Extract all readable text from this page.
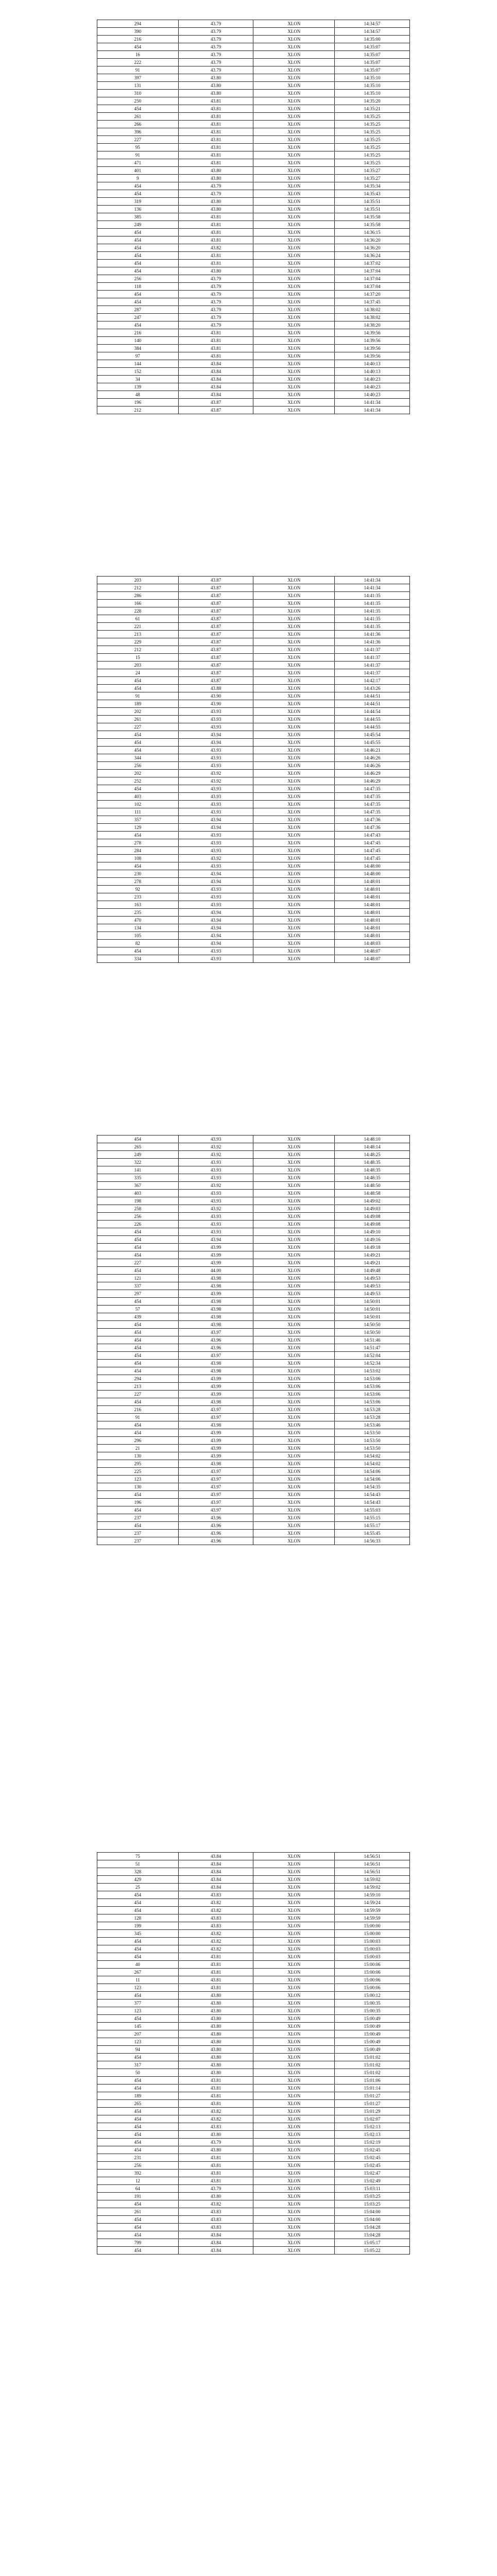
294	43.79	XLON	14:34:57
390	43.79	XLON	14:34:57
216	43.79	XLON	14:35:00
454	43.79	XLON	14:35:07
16	43.79	XLON	14:35:07
222	43.79	XLON	14:35:07
91	43.79	XLON	14:35:07
397	43.80	XLON	14:35:10
131	43.80	XLON	14:35:10
310	43.80	XLON	14:35:10
250	43.81	XLON	14:35:20
454	43.81	XLON	14:35:21
261	43.81	XLON	14:35:25
266	43.81	XLON	14:35:25
396	43.81	XLON	14:35:25
227	43.81	XLON	14:35:25
95	43.81	XLON	14:35:25
91	43.81	XLON	14:35:25
471	43.81	XLON	14:35:25
401	43.80	XLON	14:35:27
9	43.80	XLON	14:35:27
454	43.79	XLON	14:35:34
454	43.79	XLON	14:35:43
319	43.80	XLON	14:35:51
136	43.80	XLON	14:35:51
385	43.81	XLON	14:35:58
249	43.81	XLON	14:35:58
454	43.81	XLON	14:36:15
454	43.81	XLON	14:36:20
454	43.82	XLON	14:36:20
454	43.81	XLON	14:36:24
454	43.81	XLON	14:37:02
454	43.80	XLON	14:37:04
256	43.79	XLON	14:37:04
118	43.79	XLON	14:37:04
454	43.79	XLON	14:37:20
454	43.79	XLON	14:37:45
287	43.79	XLON	14:38:02
247	43.79	XLON	14:38:02
454	43.79	XLON	14:38:20
216	43.81	XLON	14:39:56
140	43.81	XLON	14:39:56
384	43.81	XLON	14:39:56
97	43.81	XLON	14:39:56
144	43.84	XLON	14:40:13
152	43.84	XLON	14:40:13
34	43.84	XLON	14:40:23
139	43.84	XLON	14:40:23
48	43.84	XLON	14:40:23
196	43.87	XLON	14:41:34
212	43.87	XLON	14:41:34
203	43.87	XLON	14:41:34
212	43.87	XLON	14:41:34
286	43.87	XLON	14:41:35
166	43.87	XLON	14:41:35
228	43.87	XLON	14:41:35
61	43.87	XLON	14:41:35
221	43.87	XLON	14:41:35
213	43.87	XLON	14:41:36
229	43.87	XLON	14:41:36
212	43.87	XLON	14:41:37
15	43.87	XLON	14:41:37
203	43.87	XLON	14:41:37
24	43.87	XLON	14:41:37
454	43.87	XLON	14:42:17
454	43.88	XLON	14:43:26
91	43.90	XLON	14:44:51
189	43.90	XLON	14:44:51
202	43.93	XLON	14:44:54
261	43.93	XLON	14:44:55
227	43.93	XLON	14:44:55
454	43.94	XLON	14:45:54
454	43.94	XLON	14:45:55
454	43.93	XLON	14:46:21
344	43.93	XLON	14:46:26
256	43.93	XLON	14:46:26
202	43.92	XLON	14:46:29
252	43.92	XLON	14:46:29
454	43.93	XLON	14:47:35
403	43.93	XLON	14:47:35
102	43.93	XLON	14:47:35
111	43.93	XLON	14:47:35
357	43.94	XLON	14:47:36
129	43.94	XLON	14:47:36
454	43.93	XLON	14:47:43
278	43.93	XLON	14:47:45
284	43.93	XLON	14:47:45
108	43.92	XLON	14:47:45
454	43.93	XLON	14:48:00
230	43.94	XLON	14:48:00
278	43.94	XLON	14:48:01
92	43.93	XLON	14:48:01
233	43.93	XLON	14:48:01
163	43.93	XLON	14:48:01
235	43.94	XLON	14:48:01
470	43.94	XLON	14:48:01
134	43.94	XLON	14:48:01
105	43.94	XLON	14:48:01
82	43.94	XLON	14:48:03
454	43.93	XLON	14:48:07
334	43.93	XLON	14:48:07
454	43.93	XLON	14:48:10
265	43.92	XLON	14:48:14
249	43.92	XLON	14:48:25
322	43.93	XLON	14:48:35
141	43.93	XLON	14:48:35
335	43.93	XLON	14:48:35
367	43.92	XLON	14:48:50
403	43.93	XLON	14:48:58
198	43.93	XLON	14:49:02
258	43.92	XLON	14:49:03
256	43.93	XLON	14:49:08
226	43.93	XLON	14:49:08
454	43.93	XLON	14:49:10
454	43.94	XLON	14:49:16
454	43.99	XLON	14:49:18
454	43.99	XLON	14:49:21
227	43.99	XLON	14:49:21
454	44.00	XLON	14:49:48
121	43.98	XLON	14:49:53
337	43.98	XLON	14:49:53
297	43.99	XLON	14:49:53
454	43.98	XLON	14:50:01
57	43.98	XLON	14:50:01
439	43.98	XLON	14:50:01
454	43.98	XLON	14:50:50
454	43.97	XLON	14:50:50
454	43.96	XLON	14:51:46
454	43.96	XLON	14:51:47
454	43.97	XLON	14:52:04
454	43.98	XLON	14:52:34
454	43.98	XLON	14:53:02
294	43.99	XLON	14:53:06
213	43.99	XLON	14:53:06
227	43.99	XLON	14:53:06
454	43.98	XLON	14:53:06
216	43.97	XLON	14:53:28
91	43.97	XLON	14:53:28
454	43.98	XLON	14:53:46
454	43.99	XLON	14:53:50
296	43.99	XLON	14:53:50
21	43.99	XLON	14:53:50
130	43.99	XLON	14:54:02
295	43.98	XLON	14:54:02
225	43.97	XLON	14:54:06
123	43.97	XLON	14:54:06
130	43.97	XLON	14:54:35
454	43.97	XLON	14:54:43
196	43.97	XLON	14:54:43
454	43.97	XLON	14:55:03
237	43.96	XLON	14:55:15
454	43.96	XLON	14:55:17
237	43.96	XLON	14:55:45
237	43.96	XLON	14:56:33
75	43.84	XLON	14:56:51
51	43.84	XLON	14:56:51
328	43.84	XLON	14:56:51
429	43.84	XLON	14:59:02
25	43.84	XLON	14:59:02
454	43.83	XLON	14:59:10
454	43.82	XLON	14:59:24
454	43.82	XLON	14:59:59
128	43.83	XLON	14:59:59
199	43.83	XLON	15:00:00
345	43.82	XLON	15:00:00
454	43.82	XLON	15:00:03
454	43.82	XLON	15:00:03
454	43.81	XLON	15:00:03
40	43.81	XLON	15:00:06
267	43.81	XLON	15:00:06
11	43.81	XLON	15:00:06
123	43.81	XLON	15:00:06
454	43.80	XLON	15:00:12
377	43.80	XLON	15:00:35
123	43.80	XLON	15:00:35
454	43.80	XLON	15:00:49
145	43.80	XLON	15:00:49
207	43.80	XLON	15:00:49
123	43.80	XLON	15:00:49
94	43.80	XLON	15:00:49
454	43.80	XLON	15:01:02
317	43.80	XLON	15:01:02
50	43.80	XLON	15:01:02
454	43.81	XLON	15:01:06
454	43.81	XLON	15:01:14
189	43.81	XLON	15:01:27
265	43.81	XLON	15:01:27
454	43.82	XLON	15:01:29
454	43.82	XLON	15:02:07
454	43.83	XLON	15:02:13
454	43.80	XLON	15:02:13
454	43.79	XLON	15:02:19
454	43.80	XLON	15:02:45
231	43.81	XLON	15:02:45
256	43.81	XLON	15:02:45
392	43.81	XLON	15:02:47
12	43.81	XLON	15:02:49
64	43.79	XLON	15:03:11
191	43.80	XLON	15:03:25
454	43.82	XLON	15:03:25
261	43.83	XLON	15:04:00
454	43.83	XLON	15:04:00
454	43.83	XLON	15:04:28
454	43.84	XLON	15:04:28
799	43.84	XLON	15:05:17
454	43.84	XLON	15:05:22
